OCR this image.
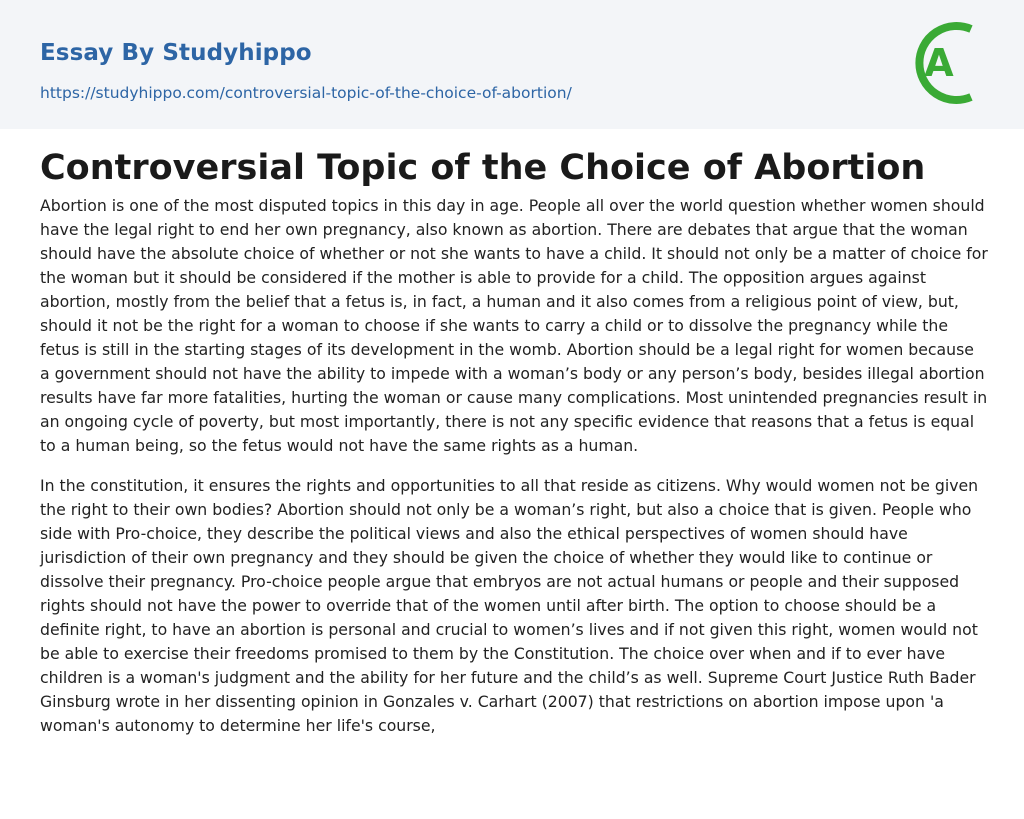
Essay By Studyhippo
https://studyhippo.com/controversial-topic-of-the-choice-of-abortion/
A
Controversial Topic of the Choice of Abortion

Abortion is one of the most disputed topics in this day in age. People all over the world question whether women should have the legal right to end her own pregnancy, also known as abortion. There are debates that argue that the woman should have the absolute choice of whether or not she wants to have a child. It should not only be a matter of choice for the woman but it should be considered if the mother is able to provide for a child. The opposition argues against abortion, mostly from the belief that a fetus is, in fact, a human and it also comes from a religious point of view, but, should it not be the right for a woman to choose if she wants to carry a child or to dissolve the pregnancy while the fetus is still in the starting stages of its development in the womb. Abortion should be a legal right for women because a government should not have the ability to impede with a woman’s body or any person’s body, besides illegal abortion results have far more fatalities, hurting the woman or cause many complications. Most unintended pregnancies result in an ongoing cycle of poverty, but most importantly, there is not any specific evidence that reasons that a fetus is equal to a human being, so the fetus would not have the same rights as a human.

In the constitution, it ensures the rights and opportunities to all that reside as citizens. Why would women not be given the right to their own bodies? Abortion should not only be a woman’s right, but also a choice that is given. People who side with Pro-choice, they describe the political views and also the ethical perspectives of women should have jurisdiction of their own pregnancy and they should be given the choice of whether they would like to continue or dissolve their pregnancy. Pro-choice people argue that embryos are not actual humans or people and their supposed rights should not have the power to override that of the women until after birth. The option to choose should be a definite right, to have an abortion is personal and crucial to women’s lives and if not given this right, women would not be able to exercise their freedoms promised to them by the Constitution. The choice over when and if to ever have children is a woman's judgment and the ability for her future and the child’s as well. Supreme Court Justice Ruth Bader Ginsburg wrote in her dissenting opinion in Gonzales v. Carhart (2007) that restrictions on abortion impose upon 'a woman's autonomy to determine her life's course,
